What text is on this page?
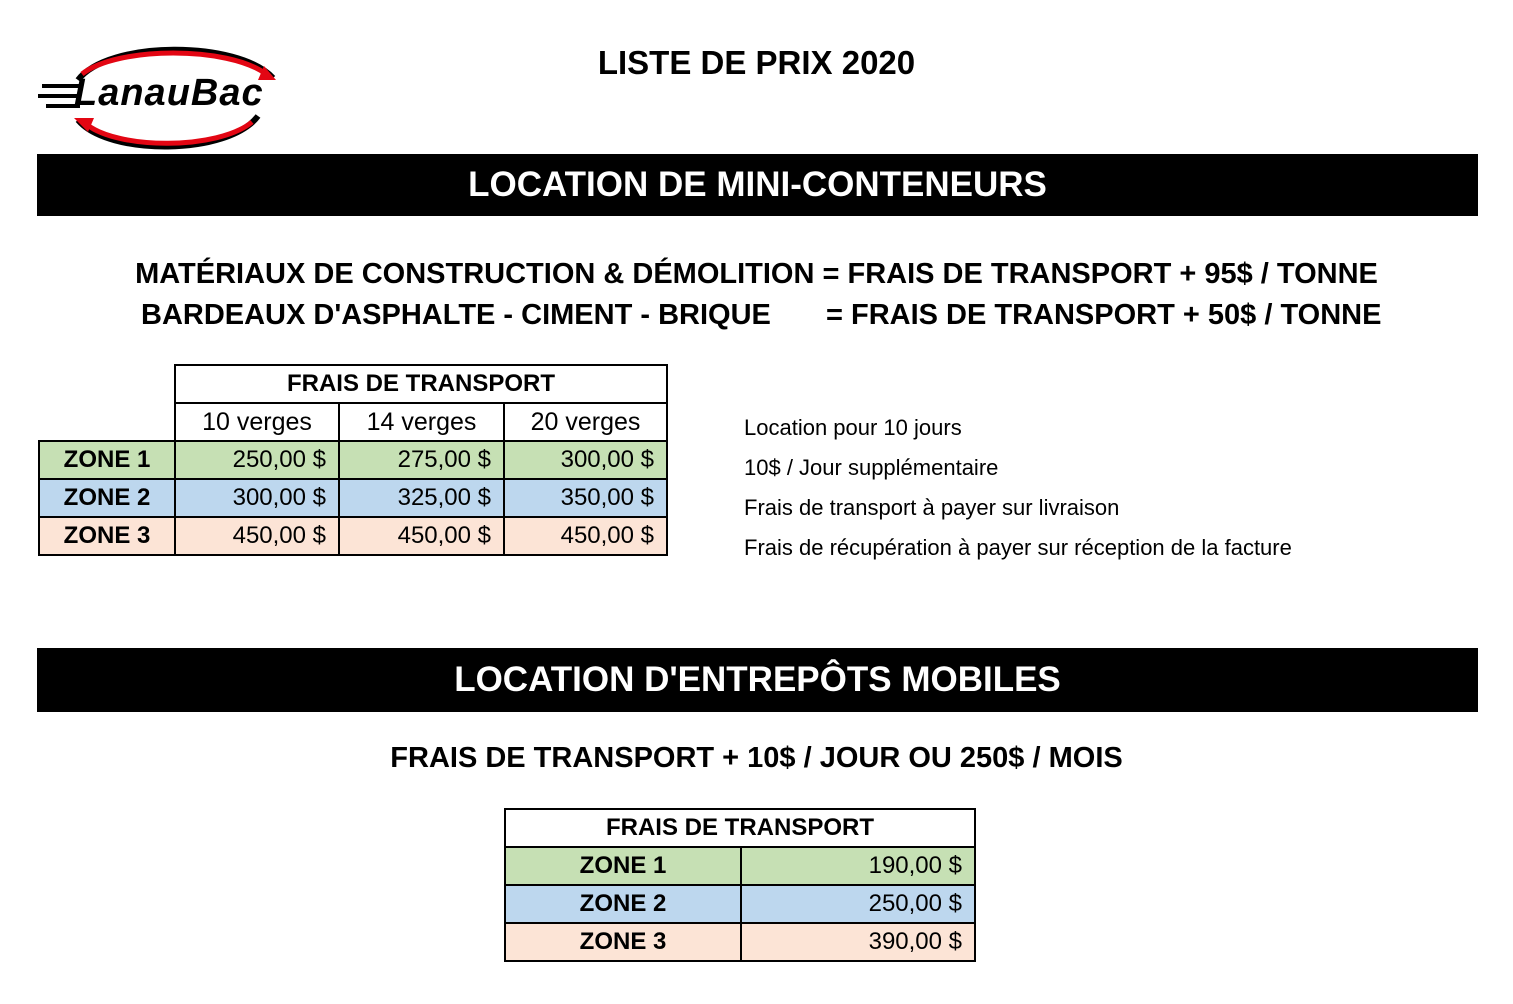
LanauBac
LISTE DE PRIX 2020
LOCATION DE MINI-CONTENEURS
MATÉRIAUX DE CONSTRUCTION & DÉMOLITION = FRAIS DE TRANSPORT + 95$ / TONNE
BARDEAUX D'ASPHALTE - CIMENT - BRIQUE = FRAIS DE TRANSPORT + 50$ / TONNE
	FRAIS DE TRANSPORT		
	10 verges	14 verges	20 verges
ZONE 1	250,00 $	275,00 $	300,00 $

ZONE 2	300,00 $	325,00 $	350,00 $

ZONE 3	450,00 $	450,00 $	450,00 $
Location pour 10 jours
10$ / Jour supplémentaire
Frais de transport à payer sur livraison
Frais de récupération à payer sur réception de la facture
LOCATION D'ENTREPÔTS MOBILES
FRAIS DE TRANSPORT + 10$ / JOUR OU 250$ / MOIS
FRAIS DE TRANSPORT	
ZONE 1	190,00 $

ZONE 2	250,00 $

ZONE 3	390,00 $
